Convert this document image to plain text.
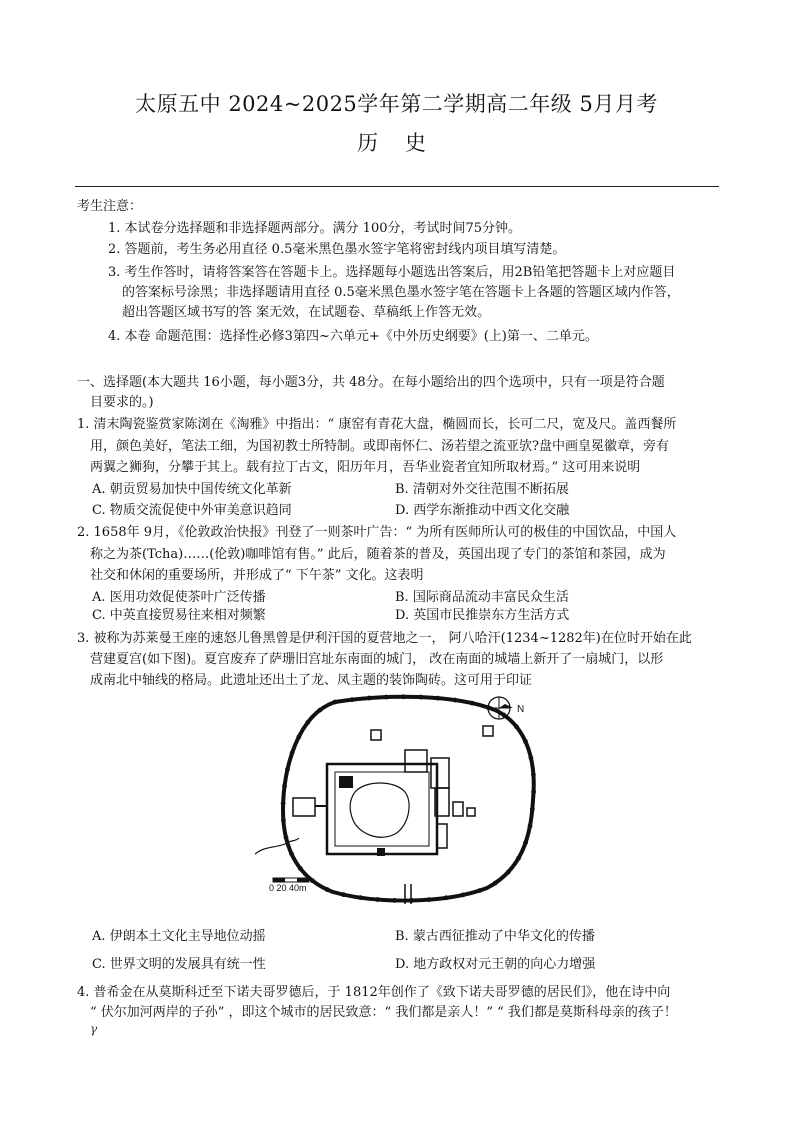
太原五中 2024~2025学年第二学期高二年级 5月月考
历 史
考生注意：
1. 本试卷分选择题和非选择题两部分。满分 100分，考试时间75分钟。
2. 答题前，考生务必用直径 0.5毫米黑色墨水签字笔将密封线内项目填写清楚。
3. 考生作答时，请将答案答在答题卡上。选择题每小题选出答案后，用2B铅笔把答题卡上对应题目
的答案标号涂黑；非选择题请用直径 0.5毫米黑色墨水签字笔在答题卡上各题的答题区域内作答，
超出答题区域书写的答 案无效，在试题卷、草稿纸上作答无效。
4. 本卷 命题范围：选择性必修3第四~六单元+《中外历史纲要》(上)第一、二单元。
一、选择题(本大题共 16小题，每小题3分，共 48分。在每小题给出的四个选项中，只有一项是符合题
目要求的。)
1. 清末陶瓷鉴赏家陈浏在《淘雅》中指出：“ 康窑有青花大盘，椭圆而长，长可二尺，宽及尺。盖西餐所
用，颜色美好，笔法工细，为国初教士所特制。或即南怀仁、汤若望之流亚欤?盘中画皇冕徽章，旁有
两翼之狮狗，分攀于其上。载有拉丁古文，阳历年月，吾华业瓷者宜知所取材焉。” 这可用来说明
A. 朝贡贸易加快中国传统文化革新	B. 清朝对外交往范围不断拓展
C. 物质交流促使中外审美意识趋同	D. 西学东渐推动中西文化交融
2. 1658年 9月，《伦敦政治快报》刊登了一则茶叶广告：“ 为所有医师所认可的极佳的中国饮品，中国人
称之为茶(Tcha)……(伦敦)咖啡馆有售。” 此后，随着茶的普及，英国出现了专门的茶馆和茶园，成为
社交和休闲的重要场所，并形成了“ 下午茶” 文化。这表明
A. 医用功效促使茶叶广泛传播	B. 国际商品流动丰富民众生活
C. 中英直接贸易往来相对频繁	D. 英国市民推崇东方生活方式
3. 被称为苏莱曼王座的速怒儿鲁黑曾是伊利汗国的夏营地之一， 阿八哈汗(1234~1282年)在位时开始在此
营建夏宫(如下图)。夏宫废弃了萨珊旧宫址东南面的城门， 改在南面的城墙上新开了一扇城门，以形
成南北中轴线的格局。此遗址还出土了龙、凤主题的装饰陶砖。这可用于印证
N
0 20 40m
A. 伊朗本土文化主导地位动摇	B. 蒙古西征推动了中华文化的传播
C. 世界文明的发展具有统一性	D. 地方政权对元王朝的向心力增强
4. 普希金在从莫斯科迁至下诺夫哥罗德后，于 1812年创作了《致下诺夫哥罗德的居民们》，他在诗中向
“ 伏尔加河两岸的子孙” ，即这个城市的居民致意：“ 我们都是亲人！” “ 我们都是莫斯科母亲的孩子！
γ
